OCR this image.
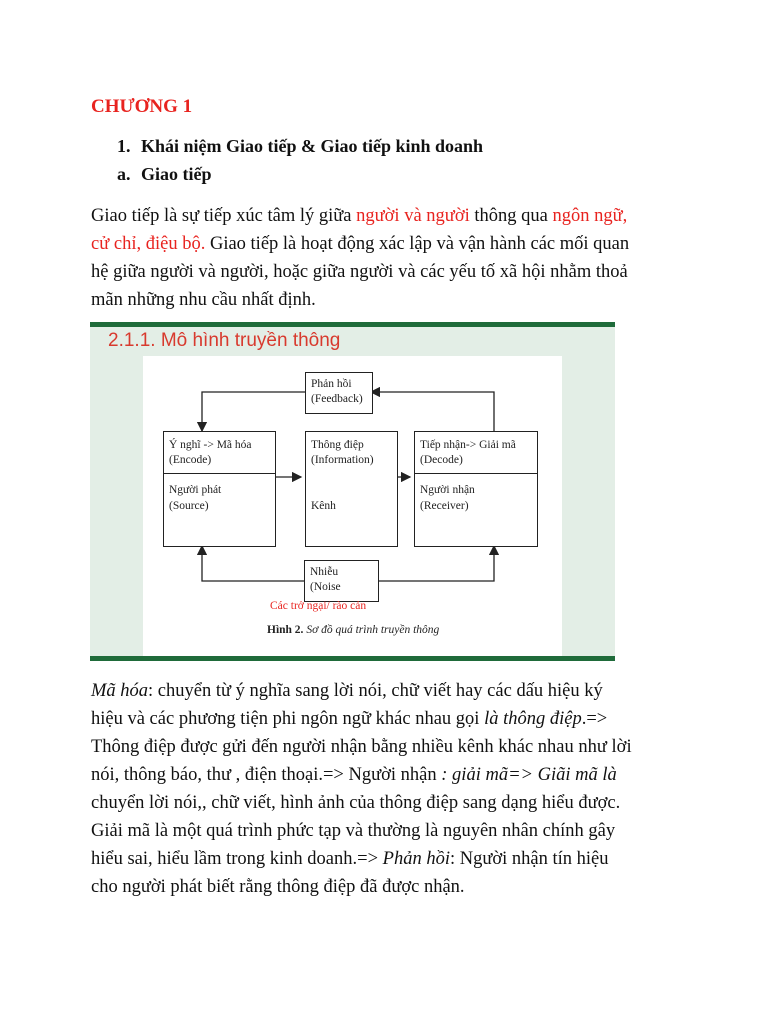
CHƯƠNG 1
1. Khái niệm Giao tiếp & Giao tiếp kinh doanh
a. Giao tiếp
Giao tiếp là sự tiếp xúc tâm lý giữa người và người thông qua ngôn ngữ,
cử chỉ, điệu bộ. Giao tiếp là hoạt động xác lập và vận hành các mối quan
hệ giữa người và người, hoặc giữa người và các yếu tố xã hội nhằm thoả
mãn những nhu cầu nhất định.
2.1.1. Mô hình truyền thông
Phản hồi
(Feedback)
Ý nghĩ -> Mã hóa
(Encode)
Người phát
(Source)
Thông điệp
(Information)
Kênh
Tiếp nhận-> Giải mã
(Decode)
Người nhận
(Receiver)
Nhiễu
(Noise
Các trở ngại/ rào cản
Hình 2. Sơ đồ quá trình truyền thông
Mã hóa: chuyển từ ý nghĩa sang lời nói, chữ viết hay các dấu hiệu ký
hiệu và các phương tiện phi ngôn ngữ khác nhau gọi là thông điệp.=>
Thông điệp được gửi đến người nhận bằng nhiều kênh khác nhau như lời
nói, thông báo, thư , điện thoại.=> Người nhận : giải mã=> Giãi mã là
chuyển lời nói,, chữ viết, hình ảnh của thông điệp sang dạng hiểu được.
Giải mã là một quá trình phức tạp và thường là nguyên nhân chính gây
hiểu sai, hiểu lầm trong kinh doanh.=> Phản hồi: Người nhận tín hiệu
cho người phát biết rằng thông điệp đã được nhận.
